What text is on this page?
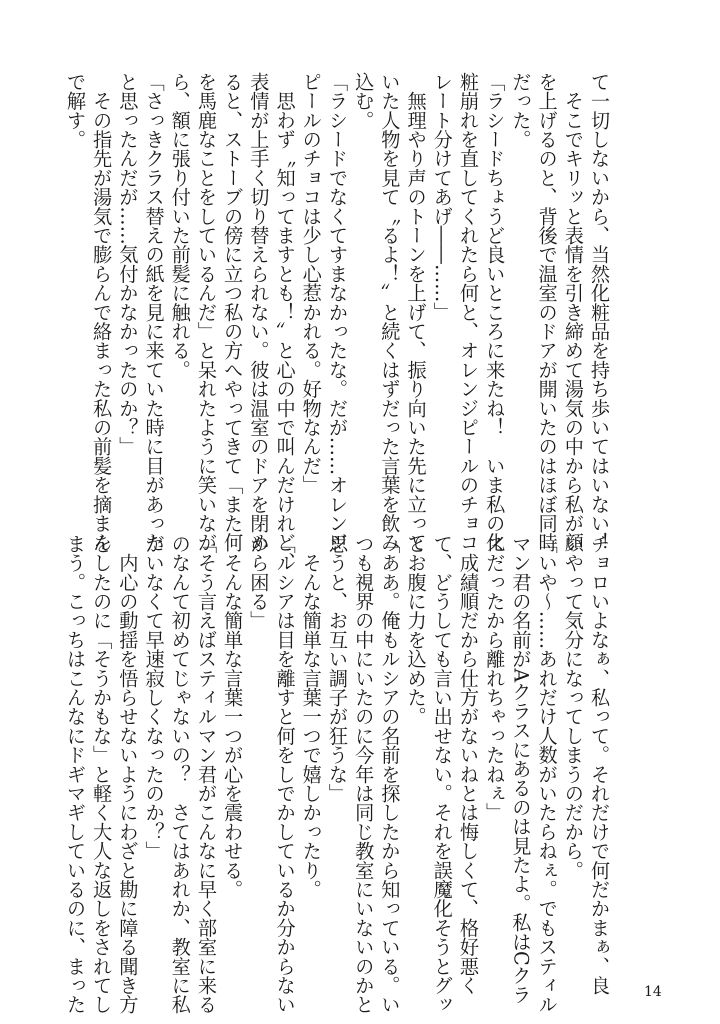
て一切しないから、当然化粧品を持ち歩いてはいない！
　そこでキリッと表情を引き締めて湯気の中から私が顔
を上げるのと、背後で温室のドアが開いたのはほぼ同時
だった。
「ラシードちょうど良いところに来たね！　いま私の化
粧崩れを直してくれたら何と、オレンジピールのチョコ
レート分けてあげ――……」
　無理やり声のトーンを上げて、振り向いた先に立って
いた人物を見て〝るよ！〞と続くはずだった言葉を飲み
込む。
「ラシードでなくてすまなかったな。だが……オレンジ
ピールのチョコは少し心惹かれる。好物なんだ」
　思わず〝知ってますとも！〞と心の中で叫んだけれど、
表情が上手く切り替えられない。彼は温室のドアを閉め
ると、ストーブの傍に立つ私の方へやってきて「また何
を馬鹿なことをしているんだ」と呆れたように笑いなが
ら、額に張り付いた前髪に触れる。
「さっきクラス替えの紙を見に来ていた時に目があった
と思ったんだが……気付かなかったのか？」
　その指先が湯気で膨らんで絡まった私の前髪を摘まん
で解す。
チョロいよなぁ、私って。それだけで何だかまぁ、良
いやって気分になってしまうのだから。
「いや～……あれだけ人数がいたらねぇ。でもスティル
マン君の名前がAクラスにあるのは見たよ。私はCクラ
スだったから離れちゃったねぇ」
　成績順だから仕方がないねとは悔しくて、格好悪く
て、どうしても言い出せない。それを誤魔化そうとグッ
とお腹に力を込めた。
「ああ。俺もルシアの名前を探したから知っている。い
つも視界の中にいたのに今年は同じ教室にいないのかと
思うと、お互い調子が狂うな」
　そんな簡単な言葉一つで嬉しかったり。
「ルシアは目を離すと何をしでかしているか分からない
から困る」
　そんな簡単な言葉一つが心を震わせる。
「そう言えばスティルマン君がこんなに早く部室に来る
のなんて初めてじゃないの？　さてはあれか、教室に私
がいなくて早速寂しくなったのか？」
　内心の動揺を悟らせないようにわざと勘に障る聞き方
をしたのに「そうかもな」と軽く大人な返しをされてし
まう。こっちはこんなにドギマギしているのに、まった	14
